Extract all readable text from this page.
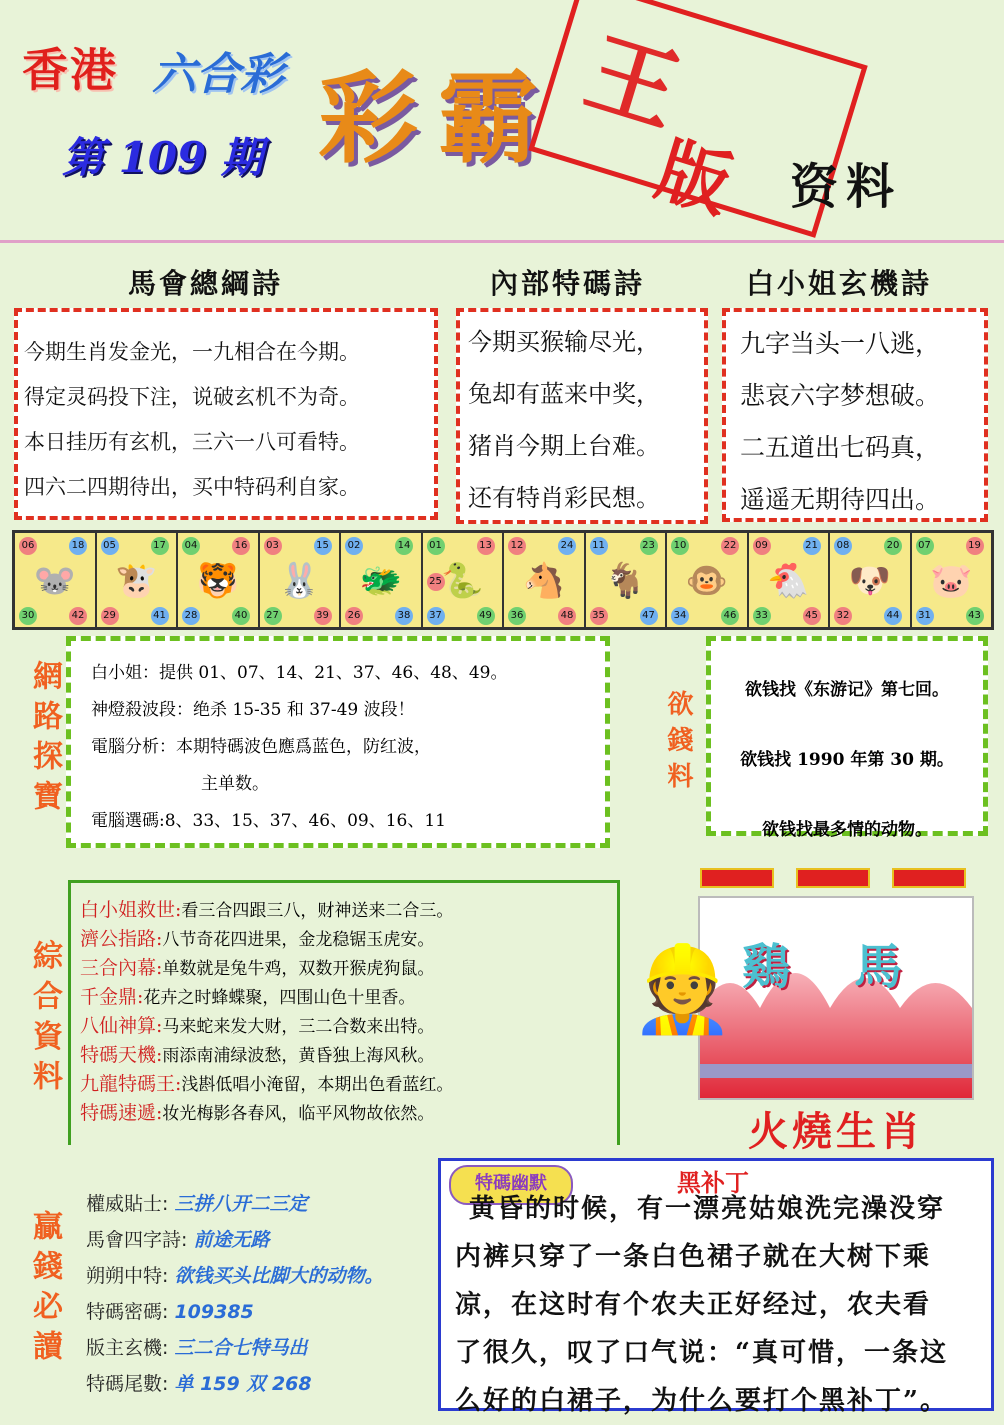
香港 六合彩
第 109 期 彩 霸 王
版 资料
馬會總綱詩	內部特碼詩	白小姐玄機詩
今期生肖发金光，一九相合在今期。
得定灵码投下注，说破玄机不为奇。
本日挂历有玄机，三六一八可看特。
四六二四期待出，买中特码利自家。
今期买猴输尽光，
兔却有蓝来中奖，
猪肖今期上台难。
还有特肖彩民想。
九字当头一八逃，
悲哀六字梦想破。
二五道出七码真，
遥遥无期待四出。
06	18
30	42
🐭
05	17
29	41
🐮
04	16
28	40
🐯
03	15
27	39
🐰
02	14
26	38
🐲
01	13
37	49
25 🐍
12	24
36	48
🐴
11	23
35	47
🐐
10	22
34	46
🐵
09	21
33	45
🐔
08	20
32	44
🐶
07	19
31	43
🐷
網路探寶 白小姐：提供 01、07、14、21、37、46、48、49。
神燈殺波段：绝杀 15-35 和 37-49 波段！
電腦分析：本期特碼波色應爲蓝色，防红波，
主单数。
電腦選碼:8、33、15、37、46、09、16、11
欲錢料	欲钱找《东游记》第七回。
欲钱找 1990 年第 30 期。
欲钱找最多情的动物。
綜合資料
白小姐救世:看三合四跟三八，财神送来二合三。
濟公指路:八节奇花四进果，金龙稳锯玉虎安。
三合內幕:单数就是兔牛鸡，双数开猴虎狗鼠。
千金鼎:花卉之时蜂蝶聚，四围山色十里香。
八仙神算:马来蛇来发大财，三二合数来出特。
特碼天機:雨添南浦绿波愁，黄昏独上海风秋。
九龍特碼王:浅斟低唱小淹留，本期出色看蓝红。
特碼速遞:妆光梅影各春风，临平风物故依然。
鷄 馬
👷
火燒生肖
贏錢必讀
權威貼士: 三拼八开二三定
馬會四字詩: 前途无路
朔朔中特: 欲钱买头比脚大的动物。
特碼密碼: 109385
版主玄機: 三二合七特马出
特碼尾數: 单 159 双 268
特碼幽默	黑补丁
黄昏的时候，有一漂亮姑娘洗完澡没穿
内裤只穿了一条白色裙子就在大树下乘
凉，在这时有个农夫正好经过，农夫看
了很久，叹了口气说：“真可惜，一条这
么好的白裙子，为什么要打个黑补丁”。
